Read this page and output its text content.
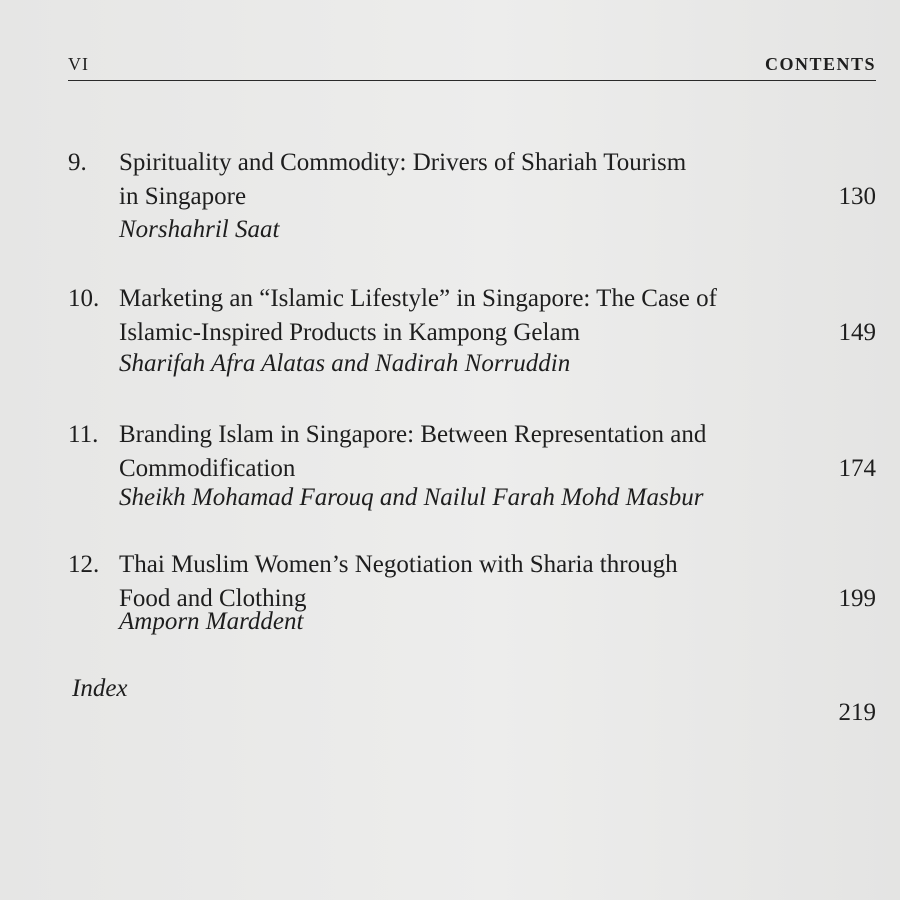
VI	CONTENTS
9. Spirituality and Commodity: Drivers of Shariah Tourism
in Singapore
Norshahril Saat
130
10. Marketing an “Islamic Lifestyle” in Singapore: The Case of
Islamic-Inspired Products in Kampong Gelam
Sharifah Afra Alatas and Nadirah Norruddin
149
11. Branding Islam in Singapore: Between Representation and
Commodification
Sheikh Mohamad Farouq and Nailul Farah Mohd Masbur
174
12. Thai Muslim Women’s Negotiation with Sharia through
Food and Clothing
Amporn Marddent
199
Index
219
